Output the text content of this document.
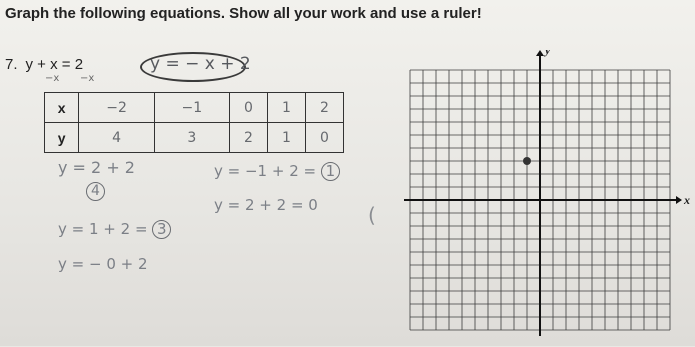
Graph the following equations. Show all your work and use a ruler!
7. y + x = 2
−x −x
y = − x + 2
x	−2	−1	0	1	2
y	4	3	2	1	0
y = 2 + 2
4
y = 1 + 2 = 3
y = − 0 + 2
y = −1 + 2 = 1
y = 2 + 2 = 0	(
x
y
